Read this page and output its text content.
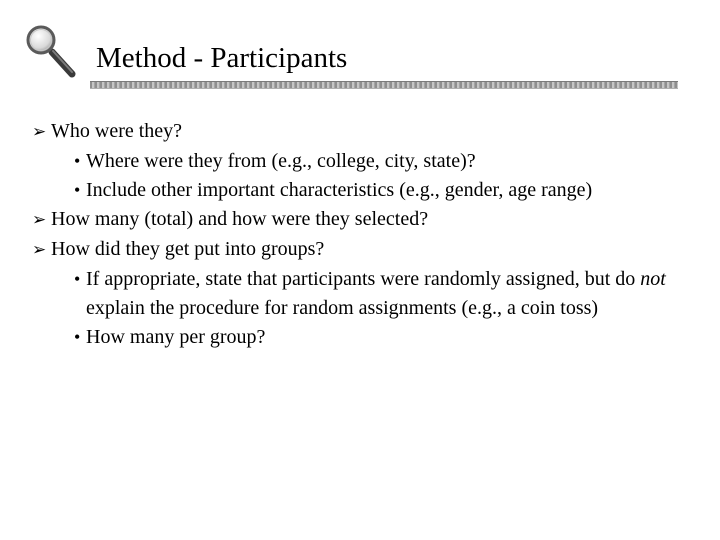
Method - Participants
➢ Who were they?
• Where were they from (e.g., college, city, state)?
• Include other important characteristics (e.g., gender, age range)
➢ How many (total) and how were they selected?
➢ How did they get put into groups?
• If appropriate, state that participants were randomly assigned, but do not explain the procedure for random assignments (e.g., a coin toss)
• How many per group?
